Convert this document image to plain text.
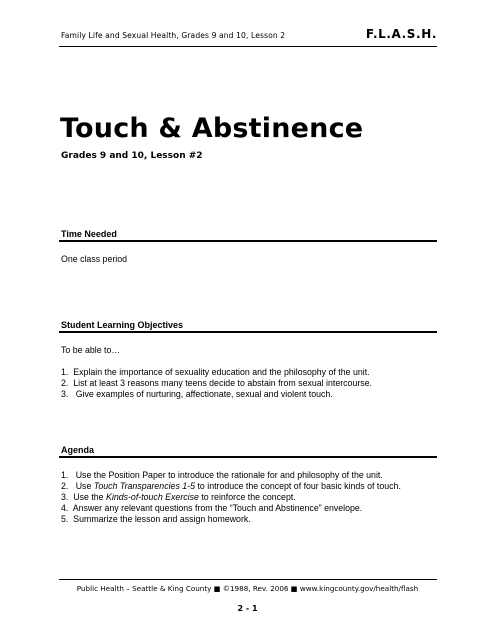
Family Life and Sexual Health, Grades 9 and 10, Lesson 2	F.L.A.S.H.
Touch & Abstinence
Grades 9 and 10, Lesson #2
Time Needed
One class period
Student Learning Objectives
To be able to…
1. Explain the importance of sexuality education and the philosophy of the unit.
2. List at least 3 reasons many teens decide to abstain from sexual intercourse.
3. Give examples of nurturing, affectionate, sexual and violent touch.
Agenda
1. Use the Position Paper to introduce the rationale for and philosophy of the unit.
2. Use Touch Transparencies 1-5 to introduce the concept of four basic kinds of touch.
3. Use the Kinds-of-touch Exercise to reinforce the concept.
4. Answer any relevant questions from the “Touch and Abstinence” envelope.
5. Summarize the lesson and assign homework.
Public Health – Seattle & King County ■ ©1988, Rev. 2006 ■ www.kingcounty.gov/health/flash
2 - 1
